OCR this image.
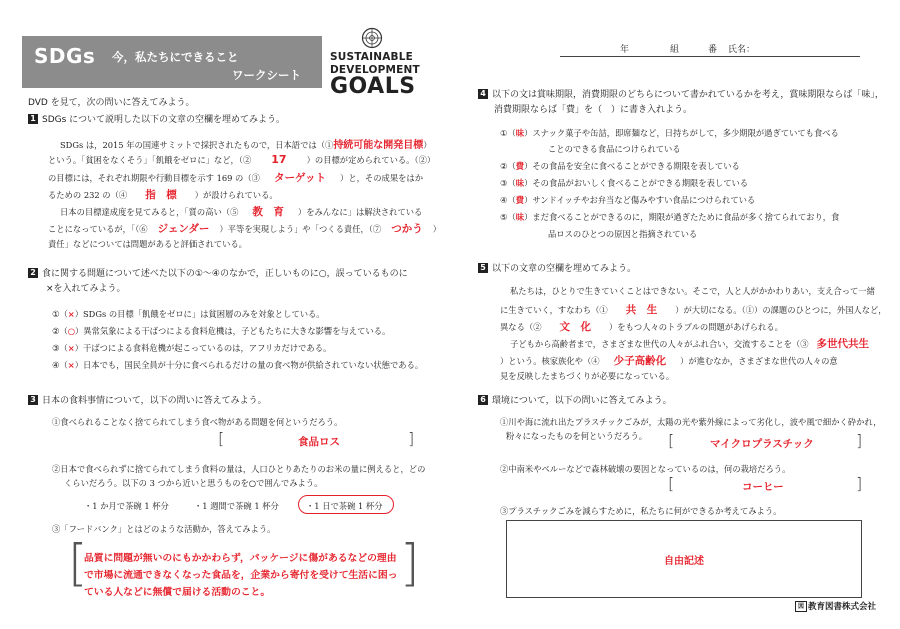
SDGs 今，私たちにできること
ワークシート
SUSTAINABLE
DEVELOPMENT
GOALS
年	組	番 氏名：
DVD を見て，次の問いに答えてみよう。
1 SDGs について説明した以下の文章の空欄を埋めてみよう。
SDGs は，2015 年の国連サミットで採択されたもので，日本語では（①持続可能な開発目標）
という。「貧困をなくそう」「飢餓をゼロに」など，（② 17 ）の目標が定められている。（②）
の目標には，それぞれ期限や行動目標を示す 169 の（③ ターゲット ）と，その成果をはか
るための 232 の（④ 指　標 ）が設けられている。
日本の目標達成度を見てみると，「質の高い（⑤ 教　育 ）をみんなに」は解決されている
ことになっているが，「（⑥ ジェンダー ）平等を実現しよう」や「つくる責任，（⑦ つかう ）
責任」などについては問題があると評価されている。
2 食に関する問題について述べた以下の①〜④のなかで，正しいものに○，誤っているものに
×を入れてみよう。
①（×）SDGs の目標「飢餓をゼロに」は貧困層のみを対象としている。
②（○）異常気象による干ばつによる食料危機は，子どもたちに大きな影響を与えている。
③（×）干ばつによる食料危機が起こっているのは，アフリカだけである。
④（×）日本でも，国民全員が十分に食べられるだけの量の食べ物が供給されていない状態である。
3 日本の食料事情について，以下の問いに答えてみよう。
①食べられることなく捨てられてしまう食べ物がある問題を何というだろう。
[	食品ロス	]
②日本で食べられずに捨てられてしまう食料の量は，人口ひとりあたりのお米の量に例えると，どの
くらいだろう。以下の 3 つから近いと思うものを○で囲んでみよう。
・1 か月で茶碗 1 杯分	・1 週間で茶碗 1 杯分	・1 日で茶碗 1 杯分
③「フードバンク」とはどのような活動か，答えてみよう。
[	]
品質に問題が無いのにもかかわらず，パッケージに傷があるなどの理由
で市場に流通できなくなった食品を，企業から寄付を受けて生活に困っ
ている人などに無償で届ける活動のこと。
4 以下の文は賞味期限，消費期限のどちらについて書かれているかを考え，賞味期限ならば「味」，
消費期限ならば「費」を（　）に書き入れよう。
①（味）スナック菓子や缶詰，即席麺など，日持ちがして，多少期限が過ぎていても食べる
ことのできる食品につけられている
②（費）その食品を安全に食べることができる期限を表している
③（味）その食品がおいしく食べることができる期限を表している
④（費）サンドイッチやお弁当など傷みやすい食品につけられている
⑤（味）まだ食べることができるのに，期限が過ぎたために食品が多く捨てられており，食
品ロスのひとつの原因と指摘されている
5 以下の文章の空欄を埋めてみよう。
私たちは，ひとりで生きていくことはできない。そこで，人と人がかかわりあい，支え合って一緒
に生きていく，すなわち（① 共　生 ）が大切になる。（①）の課題のひとつに，外国人など，
異なる（② 文　化 ）をもつ人々のトラブルの問題があげられる。
子どもから高齢者まで，さまざまな世代の人々がふれ合い，交流することを（③ 多世代共生
）という。核家族化や（④ 少子高齢化 ）が進むなか，さまざまな世代の人々の意
見を反映したまちづくりが必要になっている。
6 環境について，以下の問いに答えてみよう。
①川や海に流れ出たプラスチックごみが，太陽の光や紫外線によって劣化し，波や風で細かく砕かれ，
粉々になったものを何というだろう。 [	マイクロプラスチック	]
②中南米やベルーなどで森林破壊の要因となっているのは，何の栽培だろう。
[	コーヒー	]
③プラスチックごみを減らすために，私たちに何ができるか考えてみよう。
自由記述
図 教育図書株式会社
